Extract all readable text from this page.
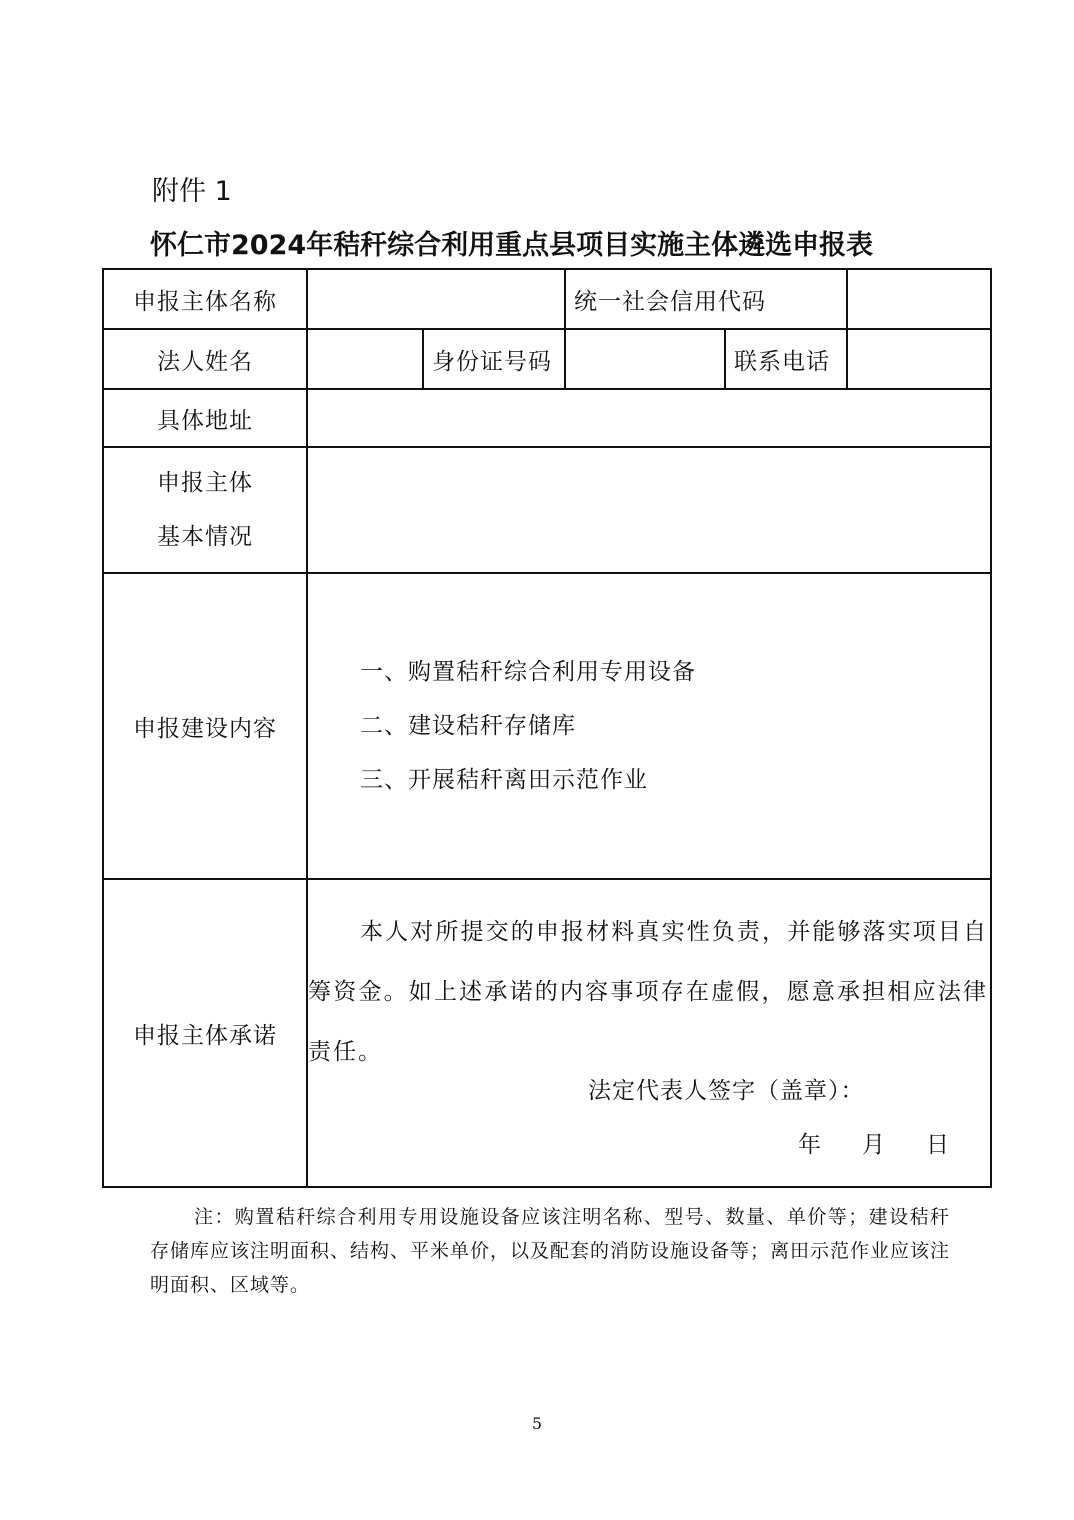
附件 1
怀仁市2024年秸秆综合利用重点县项目实施主体遴选申报表
申报主体名称			统一社会信用代码		
法人姓名		身份证号码		联系电话	
具体地址					

申报主体
基本情况					

申报建设内容	一、购置秸秆综合利用专用设备
二、建设秸秆存储库
三、开展秸秆离田示范作业				

申报主体承诺	本人对所提交的申报材料真实性负责，并能够落实项目自筹资金。如上述承诺的内容事项存在虚假，愿意承担相应法律责任。
法定代表人签字（盖章）：
年 月 日				
注：购置秸秆综合利用专用设施设备应该注明名称、型号、数量、单价等；建设秸秆存储库应该注明面积、结构、平米单价，以及配套的消防设施设备等；离田示范作业应该注明面积、区域等。
5
